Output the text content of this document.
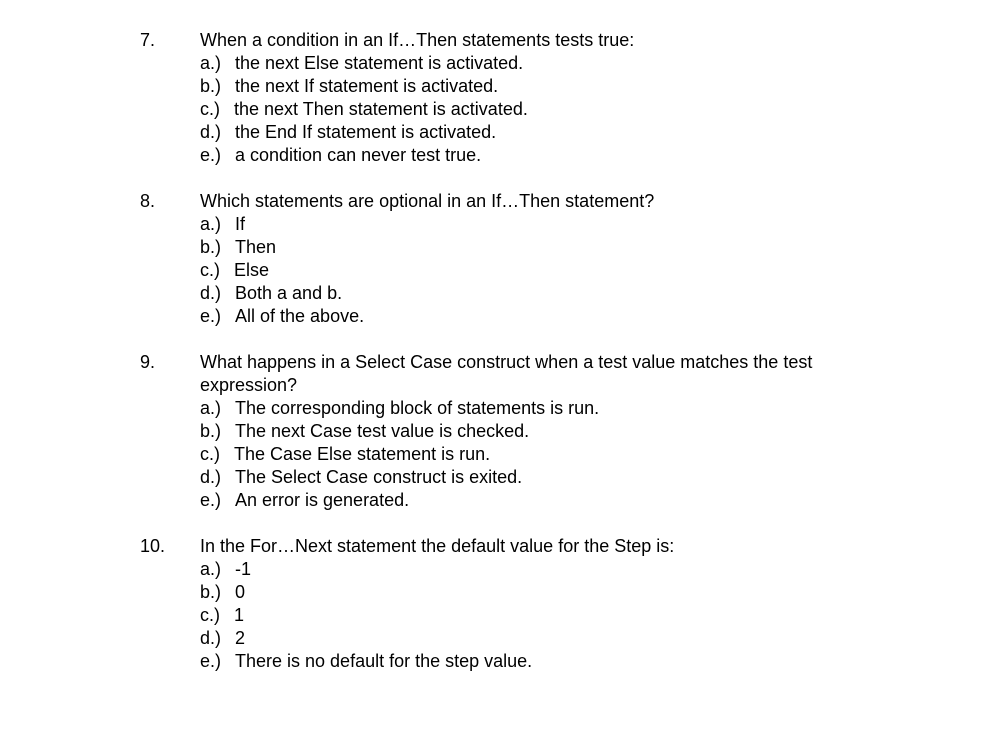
7. When a condition in an If…Then statements tests true:

a.) the next Else statement is activated.
b.) the next If statement is activated.
c.) the next Then statement is activated.
d.) the End If statement is activated.
e.) a condition can never test true.
8. Which statements are optional in an If…Then statement?

a.) If
b.) Then
c.) Else
d.) Both a and b.
e.) All of the above.
9. What happens in a Select Case construct when a test value matches the test expression?

a.) The corresponding block of statements is run.
b.) The next Case test value is checked.
c.) The Case Else statement is run.
d.) The Select Case construct is exited.
e.) An error is generated.
10. In the For…Next statement the default value for the Step is:

a.) -1
b.) 0
c.) 1
d.) 2
e.) There is no default for the step value.
